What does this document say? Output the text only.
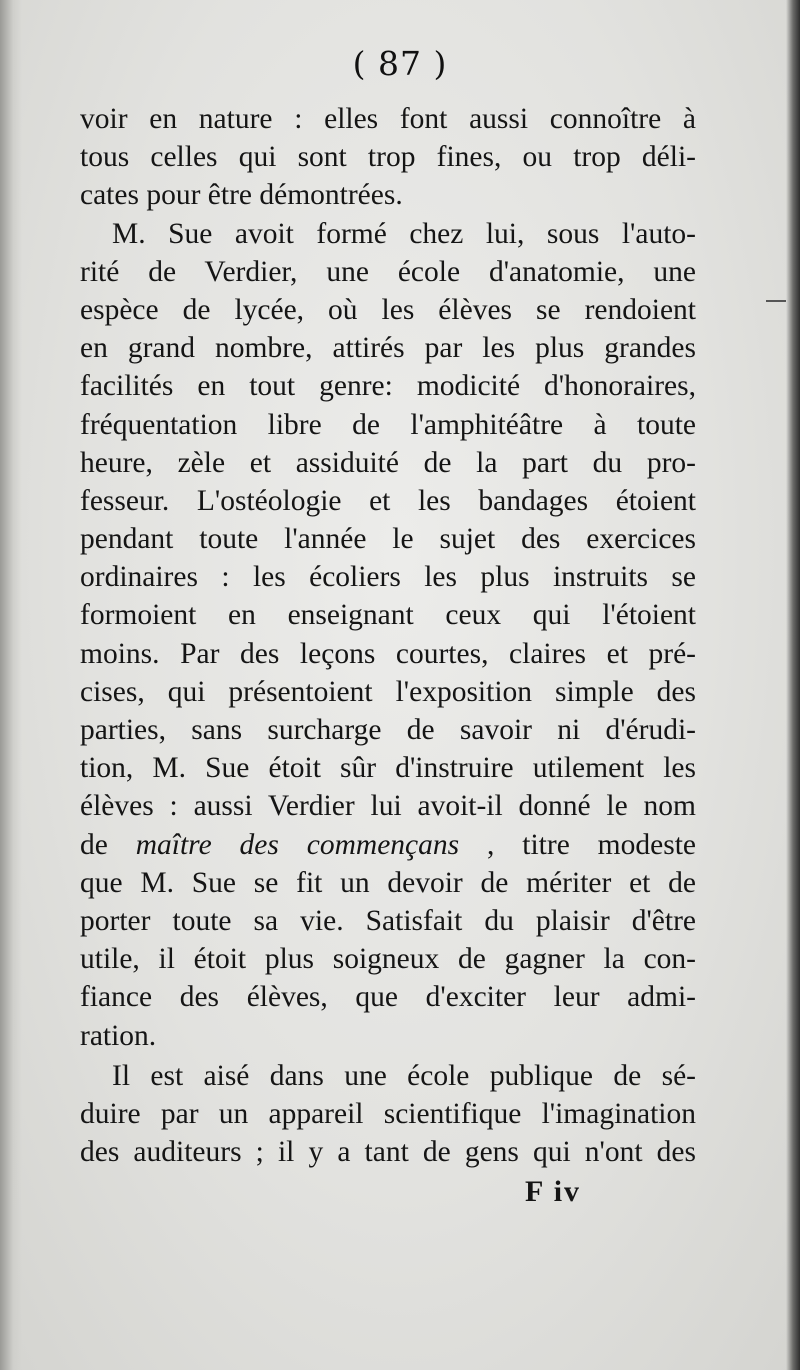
( 87 )
voir en nature : elles font aussi connoître à
tous celles qui sont trop fines, ou trop déli-
cates pour être démontrées.
M. Sue avoit formé chez lui, sous l'auto-
rité de Verdier, une école d'anatomie, une
espèce de lycée, où les élèves se rendoient
en grand nombre, attirés par les plus grandes
facilités en tout genre: modicité d'honoraires,
fréquentation libre de l'amphitéâtre à toute
heure, zèle et assiduité de la part du pro-
fesseur. L'ostéologie et les bandages étoient
pendant toute l'année le sujet des exercices
ordinaires : les écoliers les plus instruits se
formoient en enseignant ceux qui l'étoient
moins. Par des leçons courtes, claires et pré-
cises, qui présentoient l'exposition simple des
parties, sans surcharge de savoir ni d'érudi-
tion, M. Sue étoit sûr d'instruire utilement les
élèves : aussi Verdier lui avoit-il donné le nom
de maître des commençans , titre modeste
que M. Sue se fit un devoir de mériter et de
porter toute sa vie. Satisfait du plaisir d'être
utile, il étoit plus soigneux de gagner la con-
fiance des élèves, que d'exciter leur admi-
ration.
Il est aisé dans une école publique de sé-
duire par un appareil scientifique l'imagination
des auditeurs ; il y a tant de gens qui n'ont des
F iv
